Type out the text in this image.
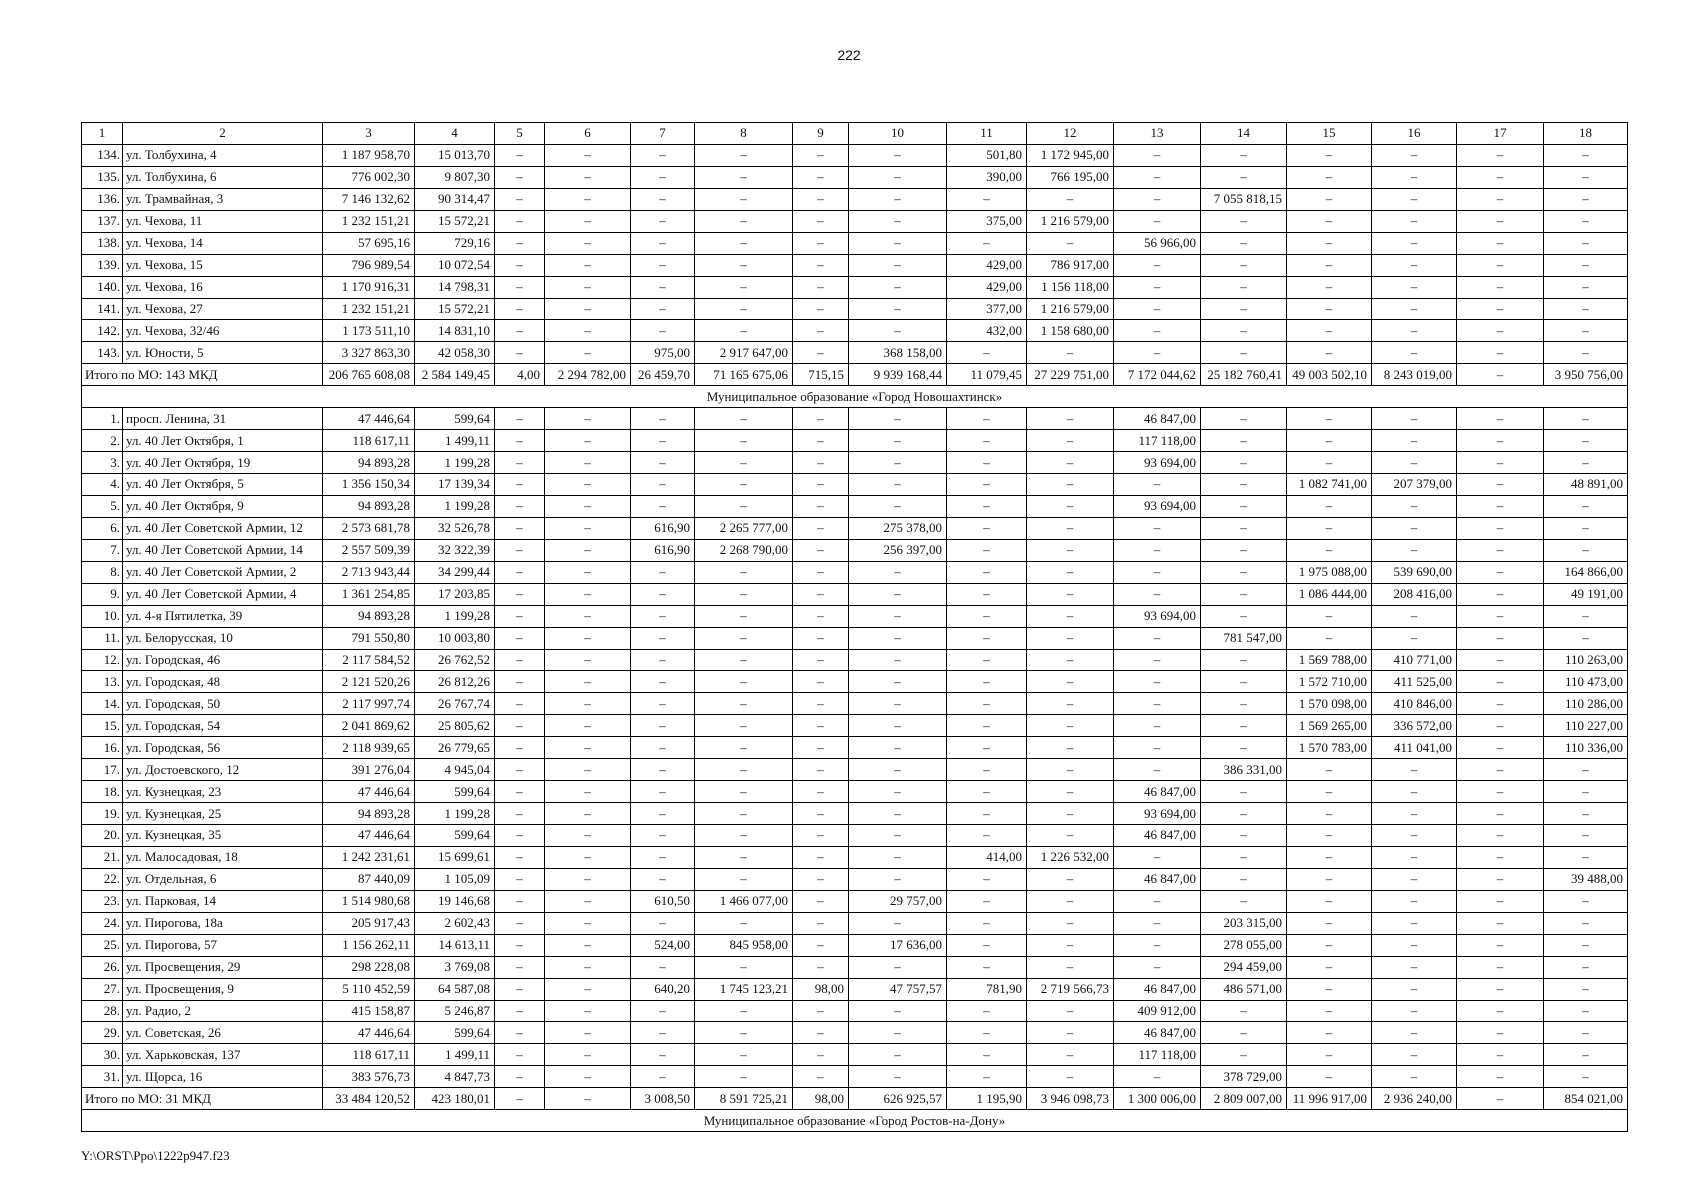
222
1	2	3	4	5	6	7	8	9	10	11	12	13	14	15	16	17	18
134.	ул. Толбухина, 4	1 187 958,70	15 013,70	–	–	–	–	–	–	501,80	1 172 945,00	–	–	–	–	–	–
135.	ул. Толбухина, 6	776 002,30	9 807,30	–	–	–	–	–	–	390,00	766 195,00	–	–	–	–	–	–
136.	ул. Трамвайная, 3	7 146 132,62	90 314,47	–	–	–	–	–	–	–	–	–	7 055 818,15	–	–	–	–
137.	ул. Чехова, 11	1 232 151,21	15 572,21	–	–	–	–	–	–	375,00	1 216 579,00	–	–	–	–	–	–
138.	ул. Чехова, 14	57 695,16	729,16	–	–	–	–	–	–	–	–	56 966,00	–	–	–	–	–
139.	ул. Чехова, 15	796 989,54	10 072,54	–	–	–	–	–	–	429,00	786 917,00	–	–	–	–	–	–
140.	ул. Чехова, 16	1 170 916,31	14 798,31	–	–	–	–	–	–	429,00	1 156 118,00	–	–	–	–	–	–
141.	ул. Чехова, 27	1 232 151,21	15 572,21	–	–	–	–	–	–	377,00	1 216 579,00	–	–	–	–	–	–
142.	ул. Чехова, 32/46	1 173 511,10	14 831,10	–	–	–	–	–	–	432,00	1 158 680,00	–	–	–	–	–	–
143.	ул. Юности, 5	3 327 863,30	42 058,30	–	–	975,00	2 917 647,00	–	368 158,00	–	–	–	–	–	–	–	–
Итого по МО: 143 МКД		206 765 608,08	2 584 149,45	4,00	2 294 782,00	26 459,70	71 165 675,06	715,15	9 939 168,44	11 079,45	27 229 751,00	7 172 044,62	25 182 760,41	49 003 502,10	8 243 019,00	–	3 950 756,00
Муниципальное образование «Город Новошахтинск»																	
1.	просп. Ленина, 31	47 446,64	599,64	–	–	–	–	–	–	–	–	46 847,00	–	–	–	–	–
2.	ул. 40 Лет Октября, 1	118 617,11	1 499,11	–	–	–	–	–	–	–	–	117 118,00	–	–	–	–	–
3.	ул. 40 Лет Октября, 19	94 893,28	1 199,28	–	–	–	–	–	–	–	–	93 694,00	–	–	–	–	–
4.	ул. 40 Лет Октября, 5	1 356 150,34	17 139,34	–	–	–	–	–	–	–	–	–	–	1 082 741,00	207 379,00	–	48 891,00
5.	ул. 40 Лет Октября, 9	94 893,28	1 199,28	–	–	–	–	–	–	–	–	93 694,00	–	–	–	–	–
6.	ул. 40 Лет Советской Армии, 12	2 573 681,78	32 526,78	–	–	616,90	2 265 777,00	–	275 378,00	–	–	–	–	–	–	–	–
7.	ул. 40 Лет Советской Армии, 14	2 557 509,39	32 322,39	–	–	616,90	2 268 790,00	–	256 397,00	–	–	–	–	–	–	–	–
8.	ул. 40 Лет Советской Армии, 2	2 713 943,44	34 299,44	–	–	–	–	–	–	–	–	–	–	1 975 088,00	539 690,00	–	164 866,00
9.	ул. 40 Лет Советской Армии, 4	1 361 254,85	17 203,85	–	–	–	–	–	–	–	–	–	–	1 086 444,00	208 416,00	–	49 191,00
10.	ул. 4-я Пятилетка, 39	94 893,28	1 199,28	–	–	–	–	–	–	–	–	93 694,00	–	–	–	–	–
11.	ул. Белорусская, 10	791 550,80	10 003,80	–	–	–	–	–	–	–	–	–	781 547,00	–	–	–	–
12.	ул. Городская, 46	2 117 584,52	26 762,52	–	–	–	–	–	–	–	–	–	–	1 569 788,00	410 771,00	–	110 263,00
13.	ул. Городская, 48	2 121 520,26	26 812,26	–	–	–	–	–	–	–	–	–	–	1 572 710,00	411 525,00	–	110 473,00
14.	ул. Городская, 50	2 117 997,74	26 767,74	–	–	–	–	–	–	–	–	–	–	1 570 098,00	410 846,00	–	110 286,00
15.	ул. Городская, 54	2 041 869,62	25 805,62	–	–	–	–	–	–	–	–	–	–	1 569 265,00	336 572,00	–	110 227,00
16.	ул. Городская, 56	2 118 939,65	26 779,65	–	–	–	–	–	–	–	–	–	–	1 570 783,00	411 041,00	–	110 336,00
17.	ул. Достоевского, 12	391 276,04	4 945,04	–	–	–	–	–	–	–	–	–	386 331,00	–	–	–	–
18.	ул. Кузнецкая, 23	47 446,64	599,64	–	–	–	–	–	–	–	–	46 847,00	–	–	–	–	–
19.	ул. Кузнецкая, 25	94 893,28	1 199,28	–	–	–	–	–	–	–	–	93 694,00	–	–	–	–	–
20.	ул. Кузнецкая, 35	47 446,64	599,64	–	–	–	–	–	–	–	–	46 847,00	–	–	–	–	–
21.	ул. Малосадовая, 18	1 242 231,61	15 699,61	–	–	–	–	–	–	414,00	1 226 532,00	–	–	–	–	–	–
22.	ул. Отдельная, 6	87 440,09	1 105,09	–	–	–	–	–	–	–	–	46 847,00	–	–	–	–	39 488,00
23.	ул. Парковая, 14	1 514 980,68	19 146,68	–	–	610,50	1 466 077,00	–	29 757,00	–	–	–	–	–	–	–	–
24.	ул. Пирогова, 18а	205 917,43	2 602,43	–	–	–	–	–	–	–	–	–	203 315,00	–	–	–	–
25.	ул. Пирогова, 57	1 156 262,11	14 613,11	–	–	524,00	845 958,00	–	17 636,00	–	–	–	278 055,00	–	–	–	–
26.	ул. Просвещения, 29	298 228,08	3 769,08	–	–	–	–	–	–	–	–	–	294 459,00	–	–	–	–
27.	ул. Просвещения, 9	5 110 452,59	64 587,08	–	–	640,20	1 745 123,21	98,00	47 757,57	781,90	2 719 566,73	46 847,00	486 571,00	–	–	–	–
28.	ул. Радио, 2	415 158,87	5 246,87	–	–	–	–	–	–	–	–	409 912,00	–	–	–	–	–
29.	ул. Советская, 26	47 446,64	599,64	–	–	–	–	–	–	–	–	46 847,00	–	–	–	–	–
30.	ул. Харьковская, 137	118 617,11	1 499,11	–	–	–	–	–	–	–	–	117 118,00	–	–	–	–	–
31.	ул. Щорса, 16	383 576,73	4 847,73	–	–	–	–	–	–	–	–	–	378 729,00	–	–	–	–
Итого по МО: 31 МКД		33 484 120,52	423 180,01	–	–	3 008,50	8 591 725,21	98,00	626 925,57	1 195,90	3 946 098,73	1 300 006,00	2 809 007,00	11 996 917,00	2 936 240,00	–	854 021,00
Муниципальное образование «Город Ростов-на-Дону»																	
Y:\ORST\Ppo\1222p947.f23
